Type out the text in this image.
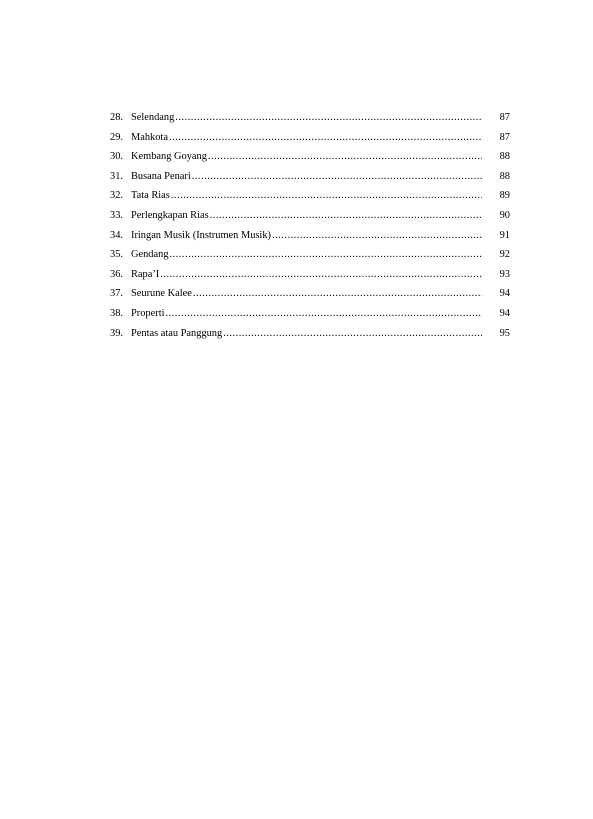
28. Selendang .....	87
29. Mahkota .....	87
30. Kembang Goyang .....	88
31. Busana Penari .....	88
32. Tata Rias .....	89
33. Perlengkapan Rias .....	90
34. Iringan Musik (Instrumen Musik) .....	91
35. Gendang .....	92
36. Rapa’I .....	93
37. Seurune Kalee .....	94
38. Properti .....	94
39. Pentas atau Panggung .....	95
